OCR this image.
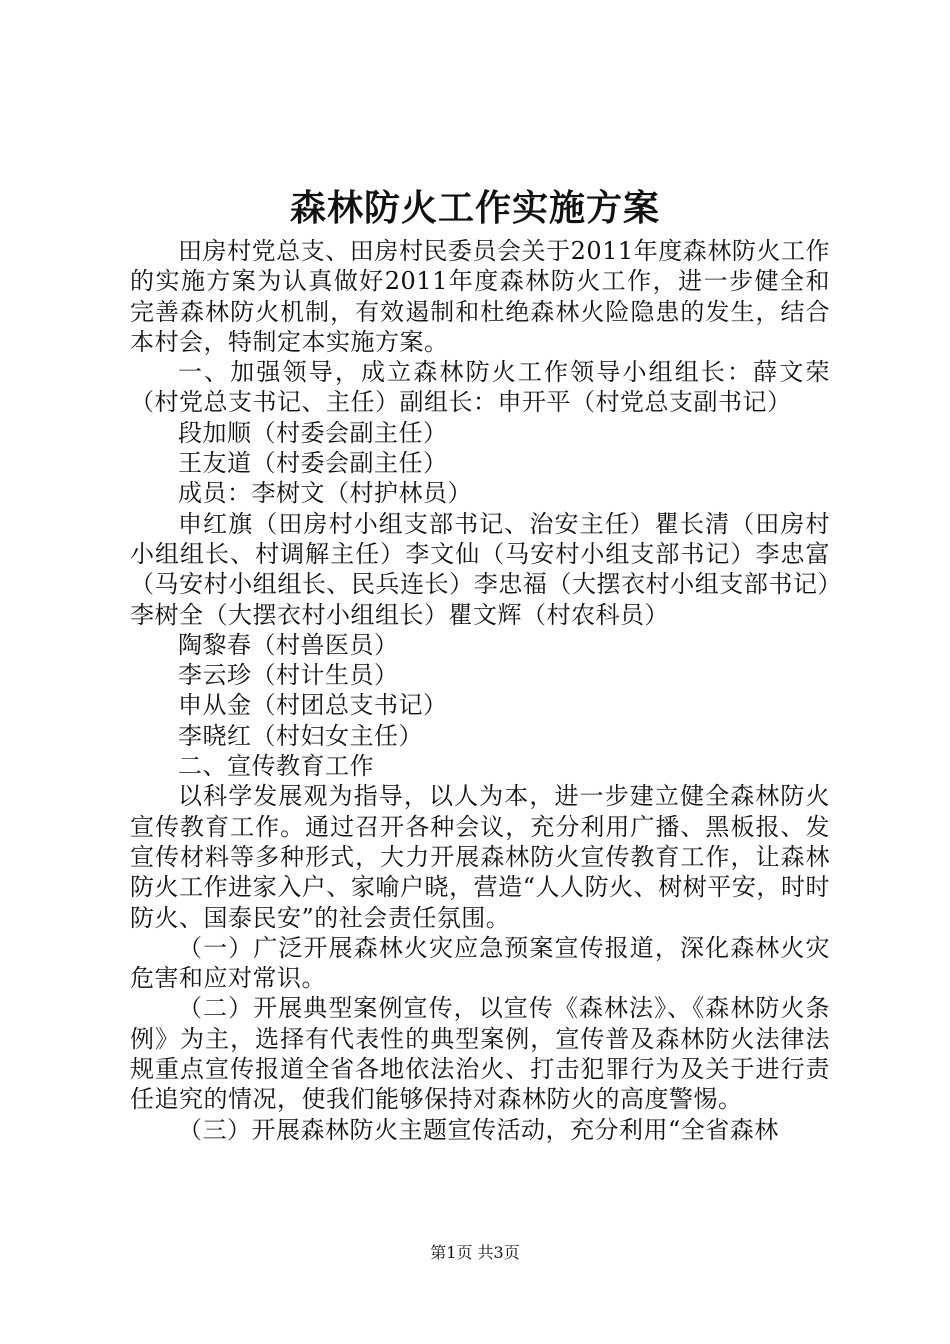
森林防火工作实施方案

田房村党总支、田房村民委员会关于2011年度森林防火工作的实施方案为认真做好2011年度森林防火工作，进一步健全和完善森林防火机制，有效遏制和杜绝森林火险隐患的发生，结合本村会，特制定本实施方案。

一、加强领导，成立森林防火工作领导小组组长：薛文荣（村党总支书记、主任）副组长：申开平（村党总支副书记）

段加顺（村委会副主任）

王友道（村委会副主任）

成员：李树文（村护林员）

申红旗（田房村小组支部书记、治安主任）瞿长清（田房村小组组长、村调解主任）李文仙（马安村小组支部书记）李忠富（马安村小组组长、民兵连长）李忠福（大摆衣村小组支部书记）李树全（大摆衣村小组组长）瞿文辉（村农科员）

陶黎春（村兽医员）

李云珍（村计生员）

申从金（村团总支书记）

李晓红（村妇女主任）

二、宣传教育工作

以科学发展观为指导，以人为本，进一步建立健全森林防火宣传教育工作。通过召开各种会议，充分利用广播、黑板报、发宣传材料等多种形式，大力开展森林防火宣传教育工作，让森林防火工作进家入户、家喻户晓，营造“人人防火、树树平安，时时防火、国泰民安”的社会责任氛围。

（一）广泛开展森林火灾应急预案宣传报道，深化森林火灾危害和应对常识。

（二）开展典型案例宣传，以宣传《森林法》、《森林防火条例》为主，选择有代表性的典型案例，宣传普及森林防火法律法规重点宣传报道全省各地依法治火、打击犯罪行为及关于进行责任追究的情况，使我们能够保持对森林防火的高度警惕。

（三）开展森林防火主题宣传活动，充分利用“全省森林

第1页 共3页
